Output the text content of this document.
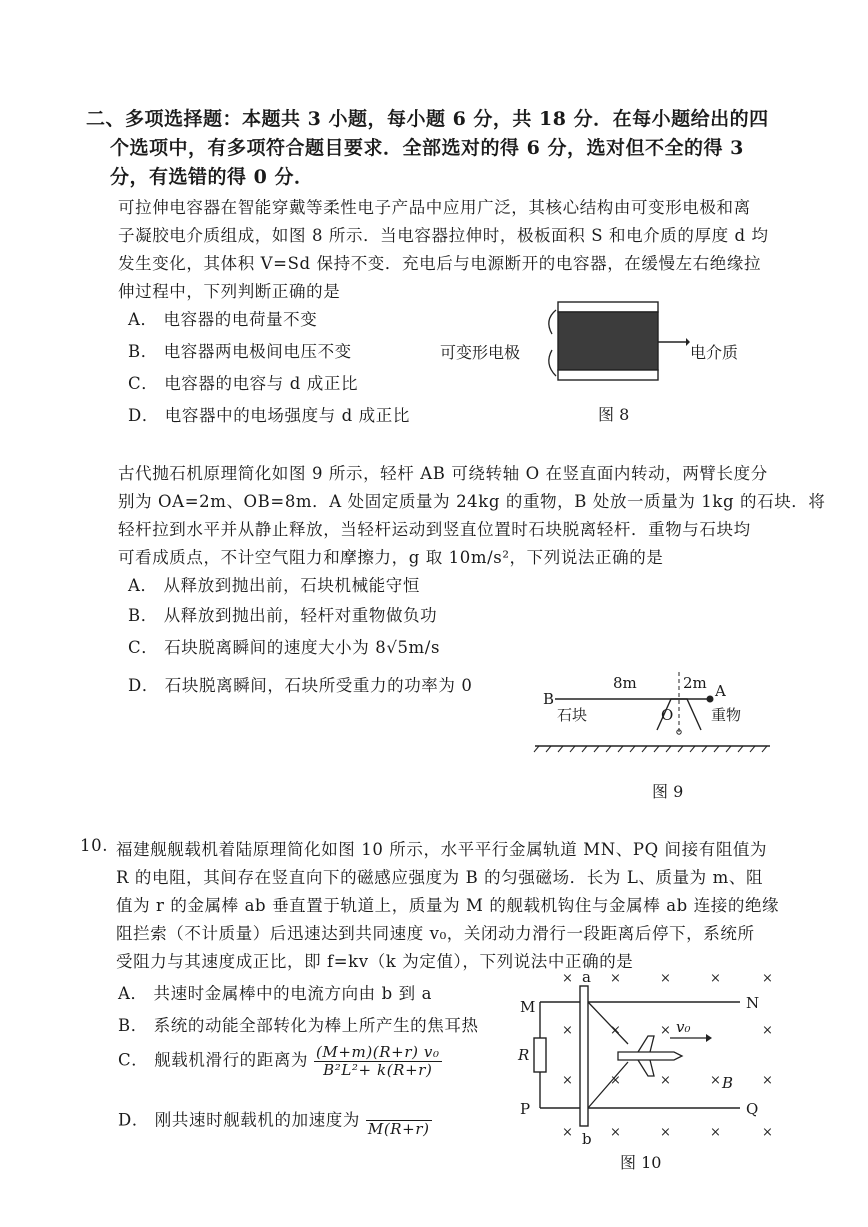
二、多项选择题：本题共 3 小题，每小题 6 分，共 18 分．在每小题给出的四
个选项中，有多项符合题目要求．全部选对的得 6 分，选对但不全的得 3
分，有选错的得 0 分．
可拉伸电容器在智能穿戴等柔性电子产品中应用广泛，其核心结构由可变形电极和离
子凝胶电介质组成，如图 8 所示．当电容器拉伸时，极板面积 S 和电介质的厚度 d 均
发生变化，其体积 V=Sd 保持不变．充电后与电源断开的电容器，在缓慢左右绝缘拉
伸过程中，下列判断正确的是
A． 电容器的电荷量不变
B． 电容器两电极间电压不变
C． 电容器的电容与 d 成正比
D． 电容器中的电场强度与 d 成正比
可变形电极	电介质
图 8
古代抛石机原理简化如图 9 所示，轻杆 AB 可绕转轴 O 在竖直面内转动，两臂长度分
别为 OA=2m、OB=8m．A 处固定质量为 24kg 的重物，B 处放一质量为 1kg 的石块．将
轻杆拉到水平并从静止释放，当轻杆运动到竖直位置时石块脱离轻杆．重物与石块均
可看成质点，不计空气阻力和摩擦力，g 取 10m/s²，下列说法正确的是
A． 从释放到抛出前，石块机械能守恒
B． 从释放到抛出前，轻杆对重物做负功
C． 石块脱离瞬间的速度大小为 8√5m/s
D． 石块脱离瞬间，石块所受重力的功率为 0	8m	2m
B	A
石块	O	重物
图 9
10. 福建舰舰载机着陆原理简化如图 10 所示，水平平行金属轨道 MN、PQ 间接有阻值为
R 的电阻，其间存在竖直向下的磁感应强度为 B 的匀强磁场．长为 L、质量为 m、阻
值为 r 的金属棒 ab 垂直置于轨道上，质量为 M 的舰载机钩住与金属棒 ab 连接的绝缘
阻拦索（不计质量）后迅速达到共同速度 v₀，关闭动力滑行一段距离后停下，系统所
受阻力与其速度成正比，即 f=kv（k 为定值），下列说法中正确的是
A． 共速时金属棒中的电流方向由 b 到 a
B． 系统的动能全部转化为棒上所产生的焦耳热
C． 舰载机滑行的距离为 $\frac{\text{(M+m)(R+r) v₀}}{\text{B²L²+ k(R+r)}}$
D． 刚共速时舰载机的加速度为 M(R+r)
×	×	×	×	×
×	×	×	×
×	×	×	×	×
×	×	×	×	×
M	N
P	Q
R
a
b
B
v₀
图 10
